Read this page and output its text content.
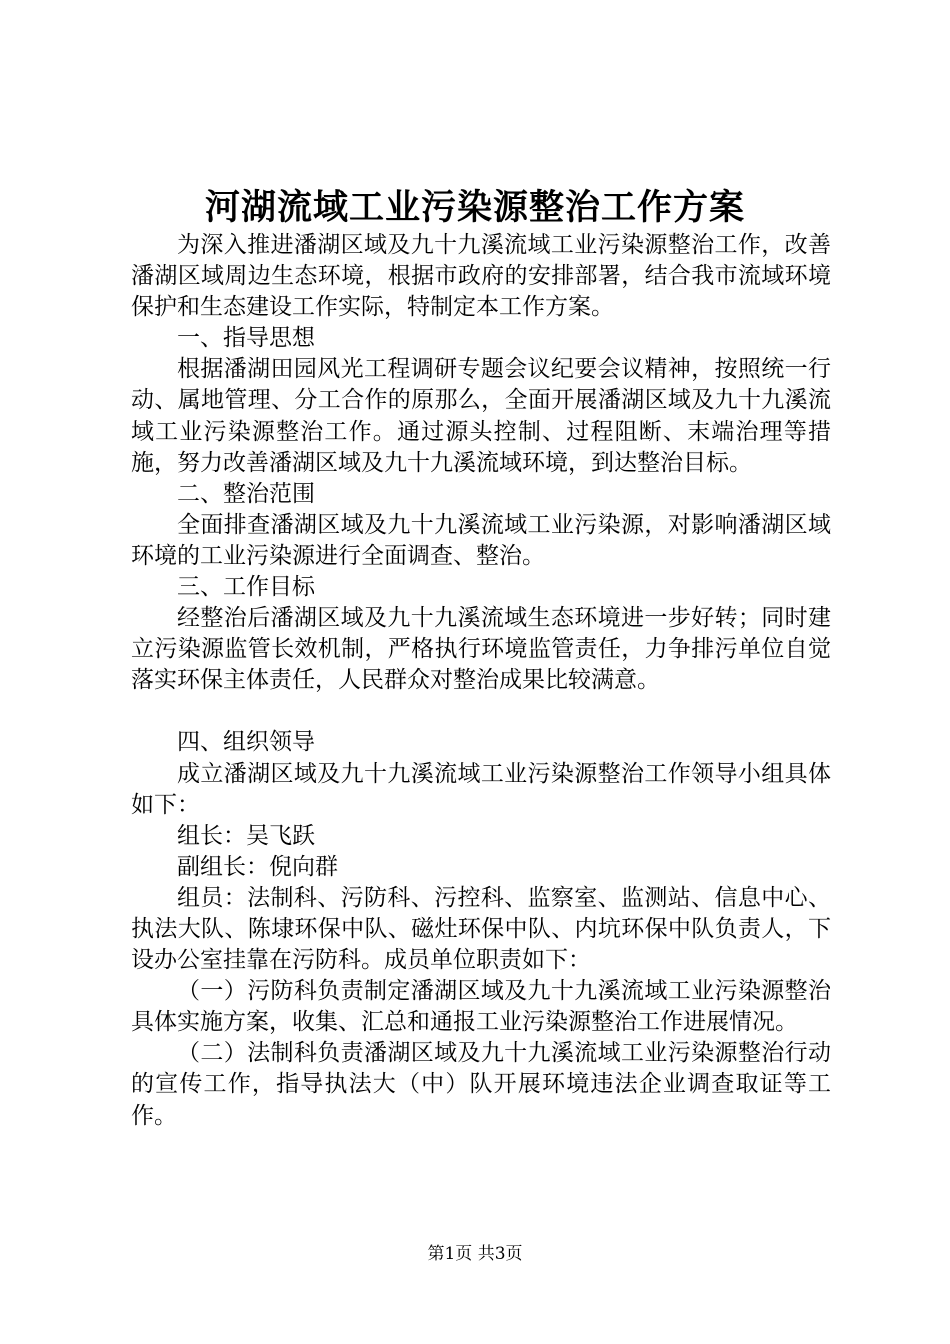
河湖流域工业污染源整治工作方案

为深入推进潘湖区域及九十九溪流域工业污染源整治工作，改善潘湖区域周边生态环境，根据市政府的安排部署，结合我市流域环境保护和生态建设工作实际，特制定本工作方案。

一、指导思想

根据潘湖田园风光工程调研专题会议纪要会议精神，按照统一行动、属地管理、分工合作的原那么，全面开展潘湖区域及九十九溪流域工业污染源整治工作。通过源头控制、过程阻断、末端治理等措施，努力改善潘湖区域及九十九溪流域环境，到达整治目标。

二、整治范围

全面排查潘湖区域及九十九溪流域工业污染源，对影响潘湖区域环境的工业污染源进行全面调查、整治。

三、工作目标

经整治后潘湖区域及九十九溪流域生态环境进一步好转；同时建立污染源监管长效机制，严格执行环境监管责任，力争排污单位自觉落实环保主体责任，人民群众对整治成果比较满意。

四、组织领导

成立潘湖区域及九十九溪流域工业污染源整治工作领导小组具体如下：

组长：吴飞跃

副组长：倪向群

组员：法制科、污防科、污控科、监察室、监测站、信息中心、执法大队、陈埭环保中队、磁灶环保中队、内坑环保中队负责人，下设办公室挂靠在污防科。成员单位职责如下：

（一）污防科负责制定潘湖区域及九十九溪流域工业污染源整治具体实施方案，收集、汇总和通报工业污染源整治工作进展情况。

（二）法制科负责潘湖区域及九十九溪流域工业污染源整治行动的宣传工作，指导执法大（中）队开展环境违法企业调查取证等工作。

第1页 共3页
